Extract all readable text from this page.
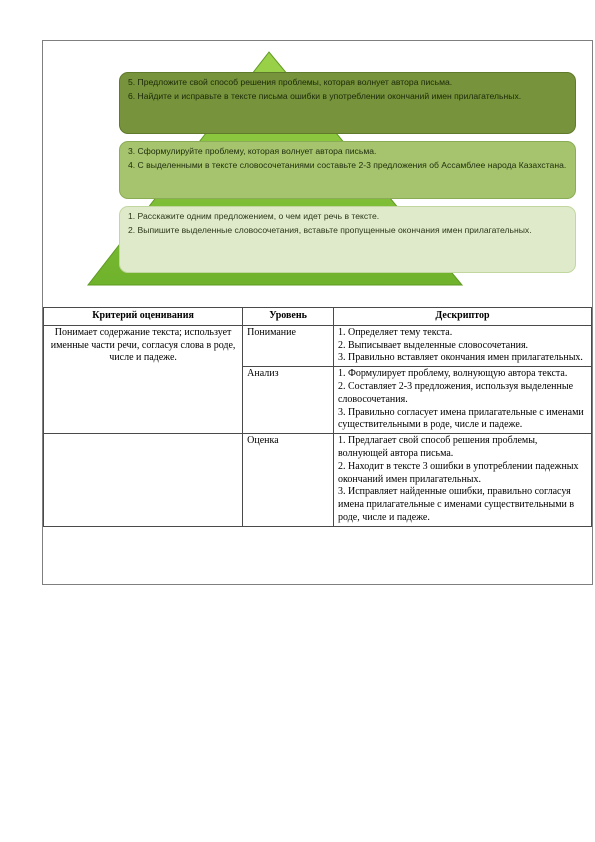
5. Предложите свой способ решения проблемы, которая волнует автора письма.

6. Найдите и исправьте в тексте письма ошибки в употреблении окончаний имен прилагательных.

3. Сформулируйте проблему, которая волнует автора письма.

4. С выделенными в тексте словосочетаниями составьте 2-3 предложения об Ассамблее народа Казахстана.

1. Расскажите одним предложением, о чем идет речь в тексте.

2. Выпишите выделенные словосочетания, вставьте пропущенные окончания имен прилагательных.

Критерий оценивания	Уровень	Дескриптор

Понимает содержание текста; использует именные части речи, согласуя слова в роде, числе и падеже.	Понимание	1. Определяет тему текста.

2. Выписывает выделенные словосочетания.

3. Правильно вставляет окончания имен прилагательных.

	Анализ	1. Формулирует проблему, волнующую автора текста.

2. Составляет 2-3 предложения, используя выделенные словосочетания.

3. Правильно согласует имена прилагательные с именами существительными в роде, числе и падеже.

	Оценка	1. Предлагает свой способ решения проблемы, волнующей автора письма.

2. Находит в тексте 3 ошибки в употреблении падежных окончаний имен прилагательных.

3. Исправляет найденные ошибки, правильно согласуя имена прилагательные с именами существительными в роде, числе и падеже.
